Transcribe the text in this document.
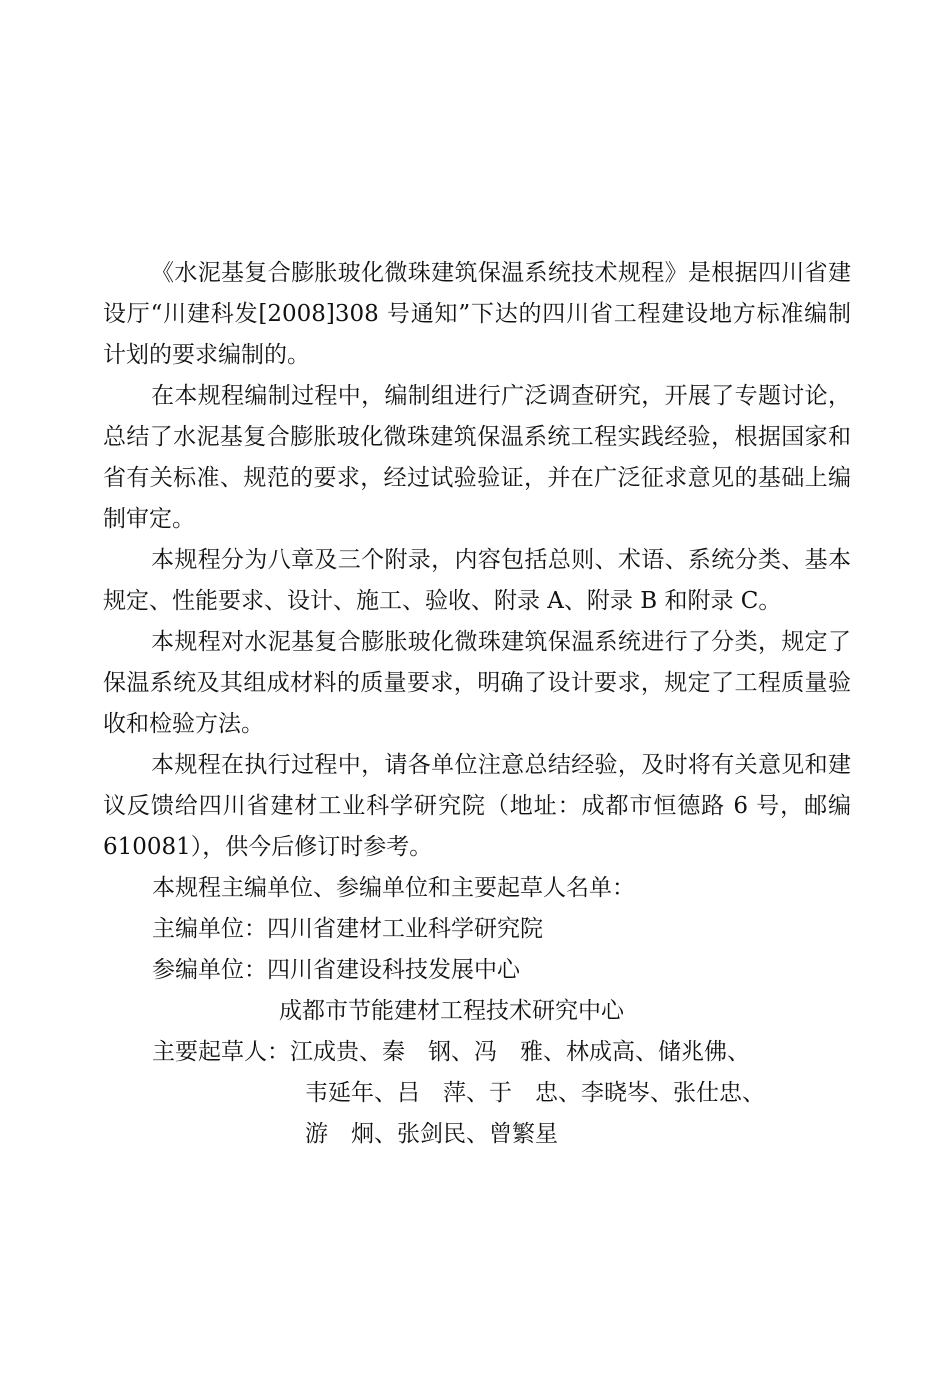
《水泥基复合膨胀玻化微珠建筑保温系统技术规程》是根据四川省建设厅“川建科发[2008]308 号通知”下达的四川省工程建设地方标准编制计划的要求编制的。

在本规程编制过程中，编制组进行广泛调查研究，开展了专题讨论，总结了水泥基复合膨胀玻化微珠建筑保温系统工程实践经验，根据国家和省有关标准、规范的要求，经过试验验证，并在广泛征求意见的基础上编制审定。

本规程分为八章及三个附录，内容包括总则、术语、系统分类、基本规定、性能要求、设计、施工、验收、附录 A、附录 B 和附录 C。

本规程对水泥基复合膨胀玻化微珠建筑保温系统进行了分类，规定了保温系统及其组成材料的质量要求，明确了设计要求，规定了工程质量验收和检验方法。

本规程在执行过程中，请各单位注意总结经验，及时将有关意见和建议反馈给四川省建材工业科学研究院（地址：成都市恒德路 6 号，邮编 610081），供今后修订时参考。

本规程主编单位、参编单位和主要起草人名单：
主编单位：四川省建材工业科学研究院
参编单位：四川省建设科技发展中心
成都市节能建材工程技术研究中心
主要起草人：江成贵、秦　钢、冯　雅、林成高、储兆佛、
韦延年、吕　萍、于　忠、李晓岑、张仕忠、
游　炯、张剑民、曾繁星
